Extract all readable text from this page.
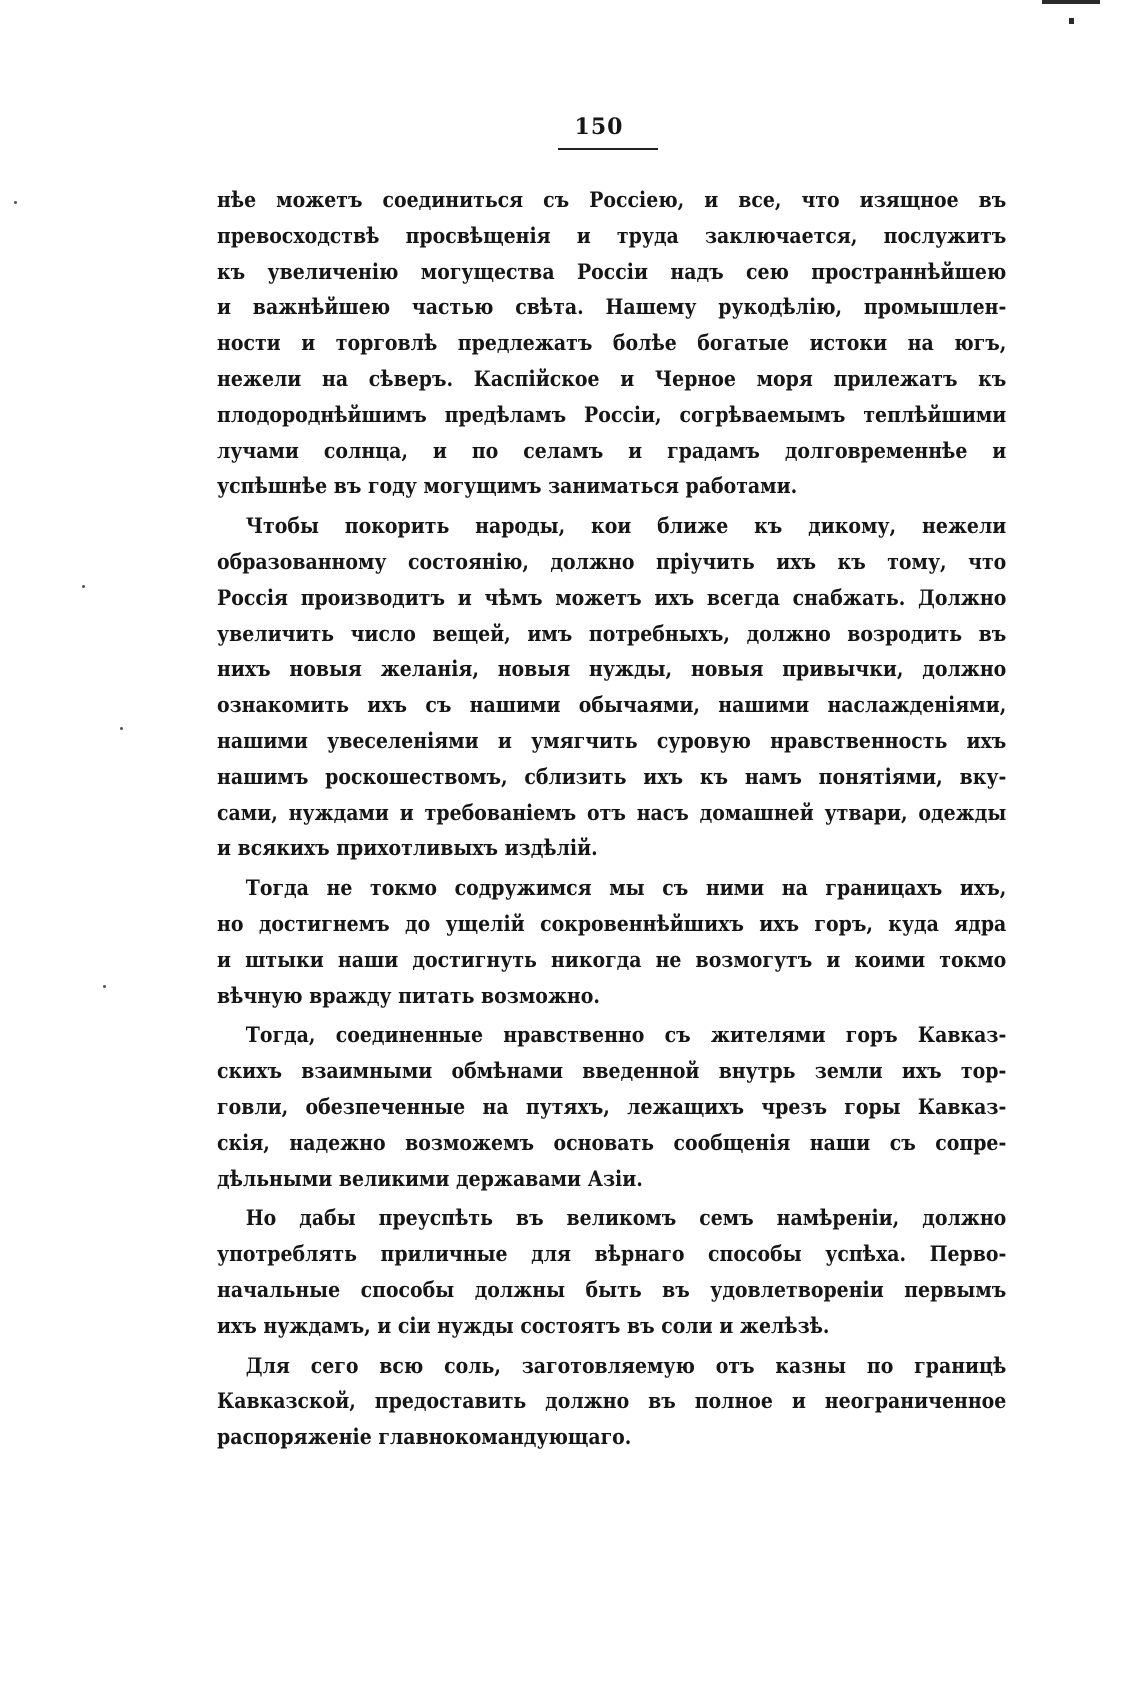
150
нѣе можетъ соединиться съ Россіею, и все, что изящное въ
превосходствѣ просвѣщенія и труда заключается, послужитъ
къ увеличенію могущества Россіи надъ сею пространнѣйшею
и важнѣйшею частью свѣта. Нашему рукодѣлію, промышлен-
ности и торговлѣ предлежатъ болѣе богатые истоки на югъ,
нежели на сѣверъ. Каспійское и Черное моря прилежатъ къ
плодороднѣйшимъ предѣламъ Россіи, согрѣваемымъ теплѣйшими
лучами солнца, и по селамъ и градамъ долговременнѣе и
успѣшнѣе въ году могущимъ заниматься работами.
Чтобы покорить народы, кои ближе къ дикому, нежели
образованному состоянію, должно пріучить ихъ къ тому, что
Россія производитъ и чѣмъ можетъ ихъ всегда снабжать. Должно
увеличить число вещей, имъ потребныхъ, должно возродить въ
нихъ новыя желанія, новыя нужды, новыя привычки, должно
ознакомить ихъ съ нашими обычаями, нашими наслажденіями,
нашими увеселеніями и умягчить суровую нравственность ихъ
нашимъ роскошествомъ, сблизить ихъ къ намъ понятіями, вку-
сами, нуждами и требованіемъ отъ насъ домашней утвари, одежды
и всякихъ прихотливыхъ издѣлій.
Тогда не токмо содружимся мы съ ними на границахъ ихъ,
но достигнемъ до ущелій сокровеннѣйшихъ ихъ горъ, куда ядра
и штыки наши достигнуть никогда не возмогутъ и коими токмо
вѣчную вражду питать возможно.
Тогда, соединенные нравственно съ жителями горъ Кавказ-
скихъ взаимными обмѣнами введенной внутрь земли ихъ тор-
говли, обезпеченные на путяхъ, лежащихъ чрезъ горы Кавказ-
скія, надежно возможемъ основать сообщенія наши съ сопре-
дѣльными великими державами Азіи.
Но дабы преуспѣть въ великомъ семъ намѣреніи, должно
употреблять приличные для вѣрнаго способы успѣха. Перво-
начальные способы должны быть въ удовлетвореніи первымъ
ихъ нуждамъ, и сіи нужды состоятъ въ соли и желѣзѣ.
Для сего всю соль, заготовляемую отъ казны по границѣ
Кавказской, предоставить должно въ полное и неограниченное
распоряженіе главнокомандующаго.
